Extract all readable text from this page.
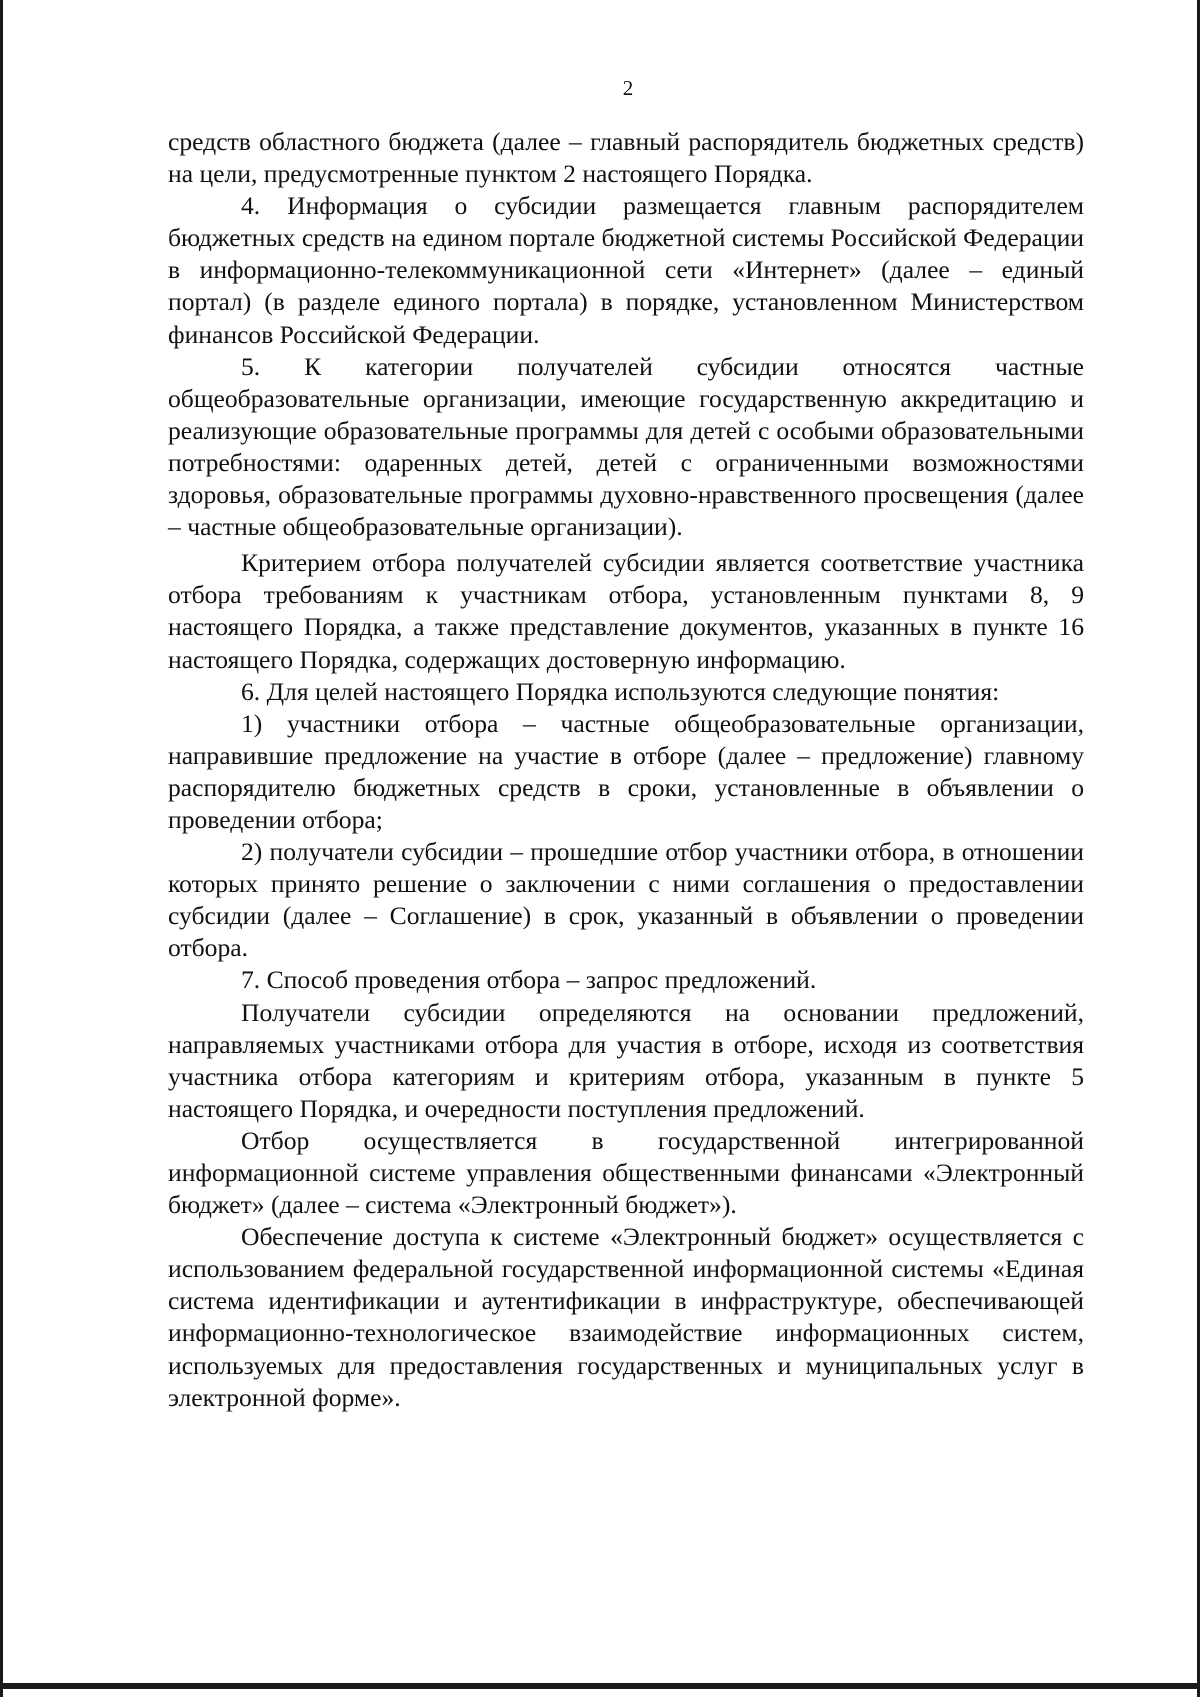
2

средств областного бюджета (далее – главный распорядитель бюджетных средств) на цели, предусмотренные пунктом 2 настоящего Порядка.

4. Информация о субсидии размещается главным распорядителем бюджетных средств на едином портале бюджетной системы Российской Федерации в информационно-телекоммуникационной сети «Интернет» (далее – единый портал) (в разделе единого портала) в порядке, установленном Министерством финансов Российской Федерации.

5. К категории получателей субсидии относятся частные общеобразовательные организации, имеющие государственную аккредитацию и реализующие образовательные программы для детей с особыми образовательными потребностями: одаренных детей, детей с ограниченными возможностями здоровья, образовательные программы духовно-нравственного просвещения (далее – частные общеобразовательные организации).

Критерием отбора получателей субсидии является соответствие участника отбора требованиям к участникам отбора, установленным пунктами 8, 9 настоящего Порядка, а также представление документов, указанных в пункте 16 настоящего Порядка, содержащих достоверную информацию.

6. Для целей настоящего Порядка используются следующие понятия:

1) участники отбора – частные общеобразовательные организации, направившие предложение на участие в отборе (далее – предложение) главному распорядителю бюджетных средств в сроки, установленные в объявлении о проведении отбора;

2) получатели субсидии – прошедшие отбор участники отбора, в отношении которых принято решение о заключении с ними соглашения о предоставлении субсидии (далее – Соглашение) в срок, указанный в объявлении о проведении отбора.

7. Способ проведения отбора – запрос предложений.

Получатели субсидии определяются на основании предложений, направляемых участниками отбора для участия в отборе, исходя из соответствия участника отбора категориям и критериям отбора, указанным в пункте 5 настоящего Порядка, и очередности поступления предложений.

Отбор осуществляется в государственной интегрированной информационной системе управления общественными финансами «Электронный бюджет» (далее – система «Электронный бюджет»).

Обеспечение доступа к системе «Электронный бюджет» осуществляется с использованием федеральной государственной информационной системы «Единая система идентификации и аутентификации в инфраструктуре, обеспечивающей информационно-технологическое взаимодействие информационных систем, используемых для предоставления государственных и муниципальных услуг в электронной форме».
